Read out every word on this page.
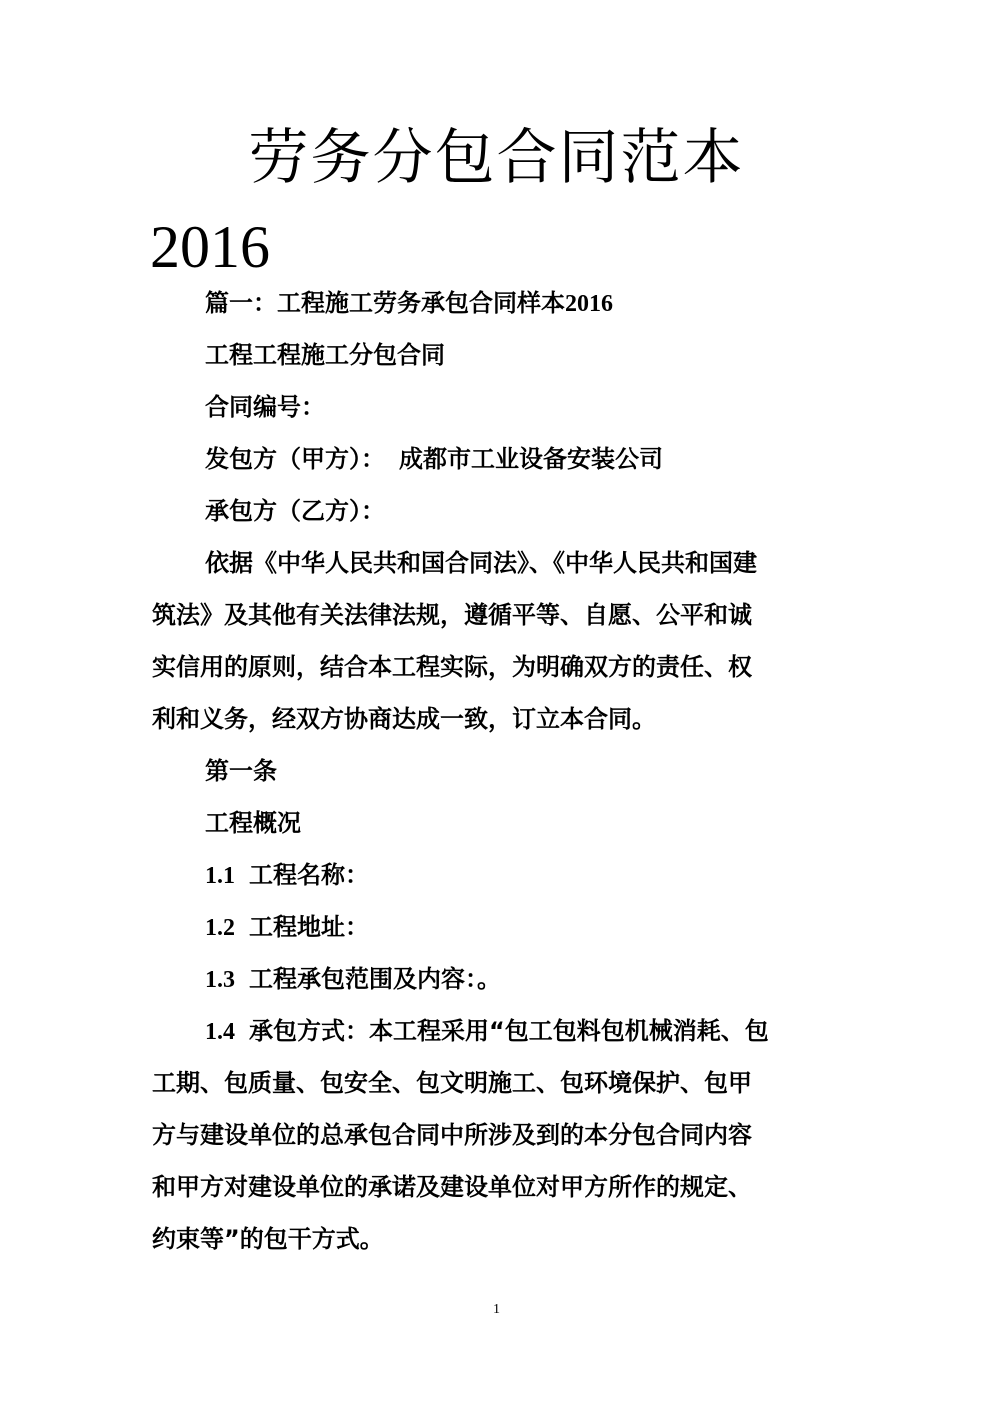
劳务分包合同范本
2016
篇一：工程施工劳务承包合同样本2016
工程工程施工分包合同
合同编号：
发包方（甲方）： 成都市工业设备安装公司
承包方（乙方）：
依据《中华人民共和国合同法》、《中华人民共和国建
筑法》及其他有关法律法规，遵循平等、自愿、公平和诚
实信用的原则，结合本工程实际，为明确双方的责任、权
利和义务，经双方协商达成一致，订立本合同。
第一条
工程概况
1.1 工程名称：
1.2 工程地址：
1.3 工程承包范围及内容：。
1.4 承包方式：本工程采用“包工包料包机械消耗、包
工期、包质量、包安全、包文明施工、包环境保护、包甲
方与建设单位的总承包合同中所涉及到的本分包合同内容
和甲方对建设单位的承诺及建设单位对甲方所作的规定、
约束等”的包干方式。
1
